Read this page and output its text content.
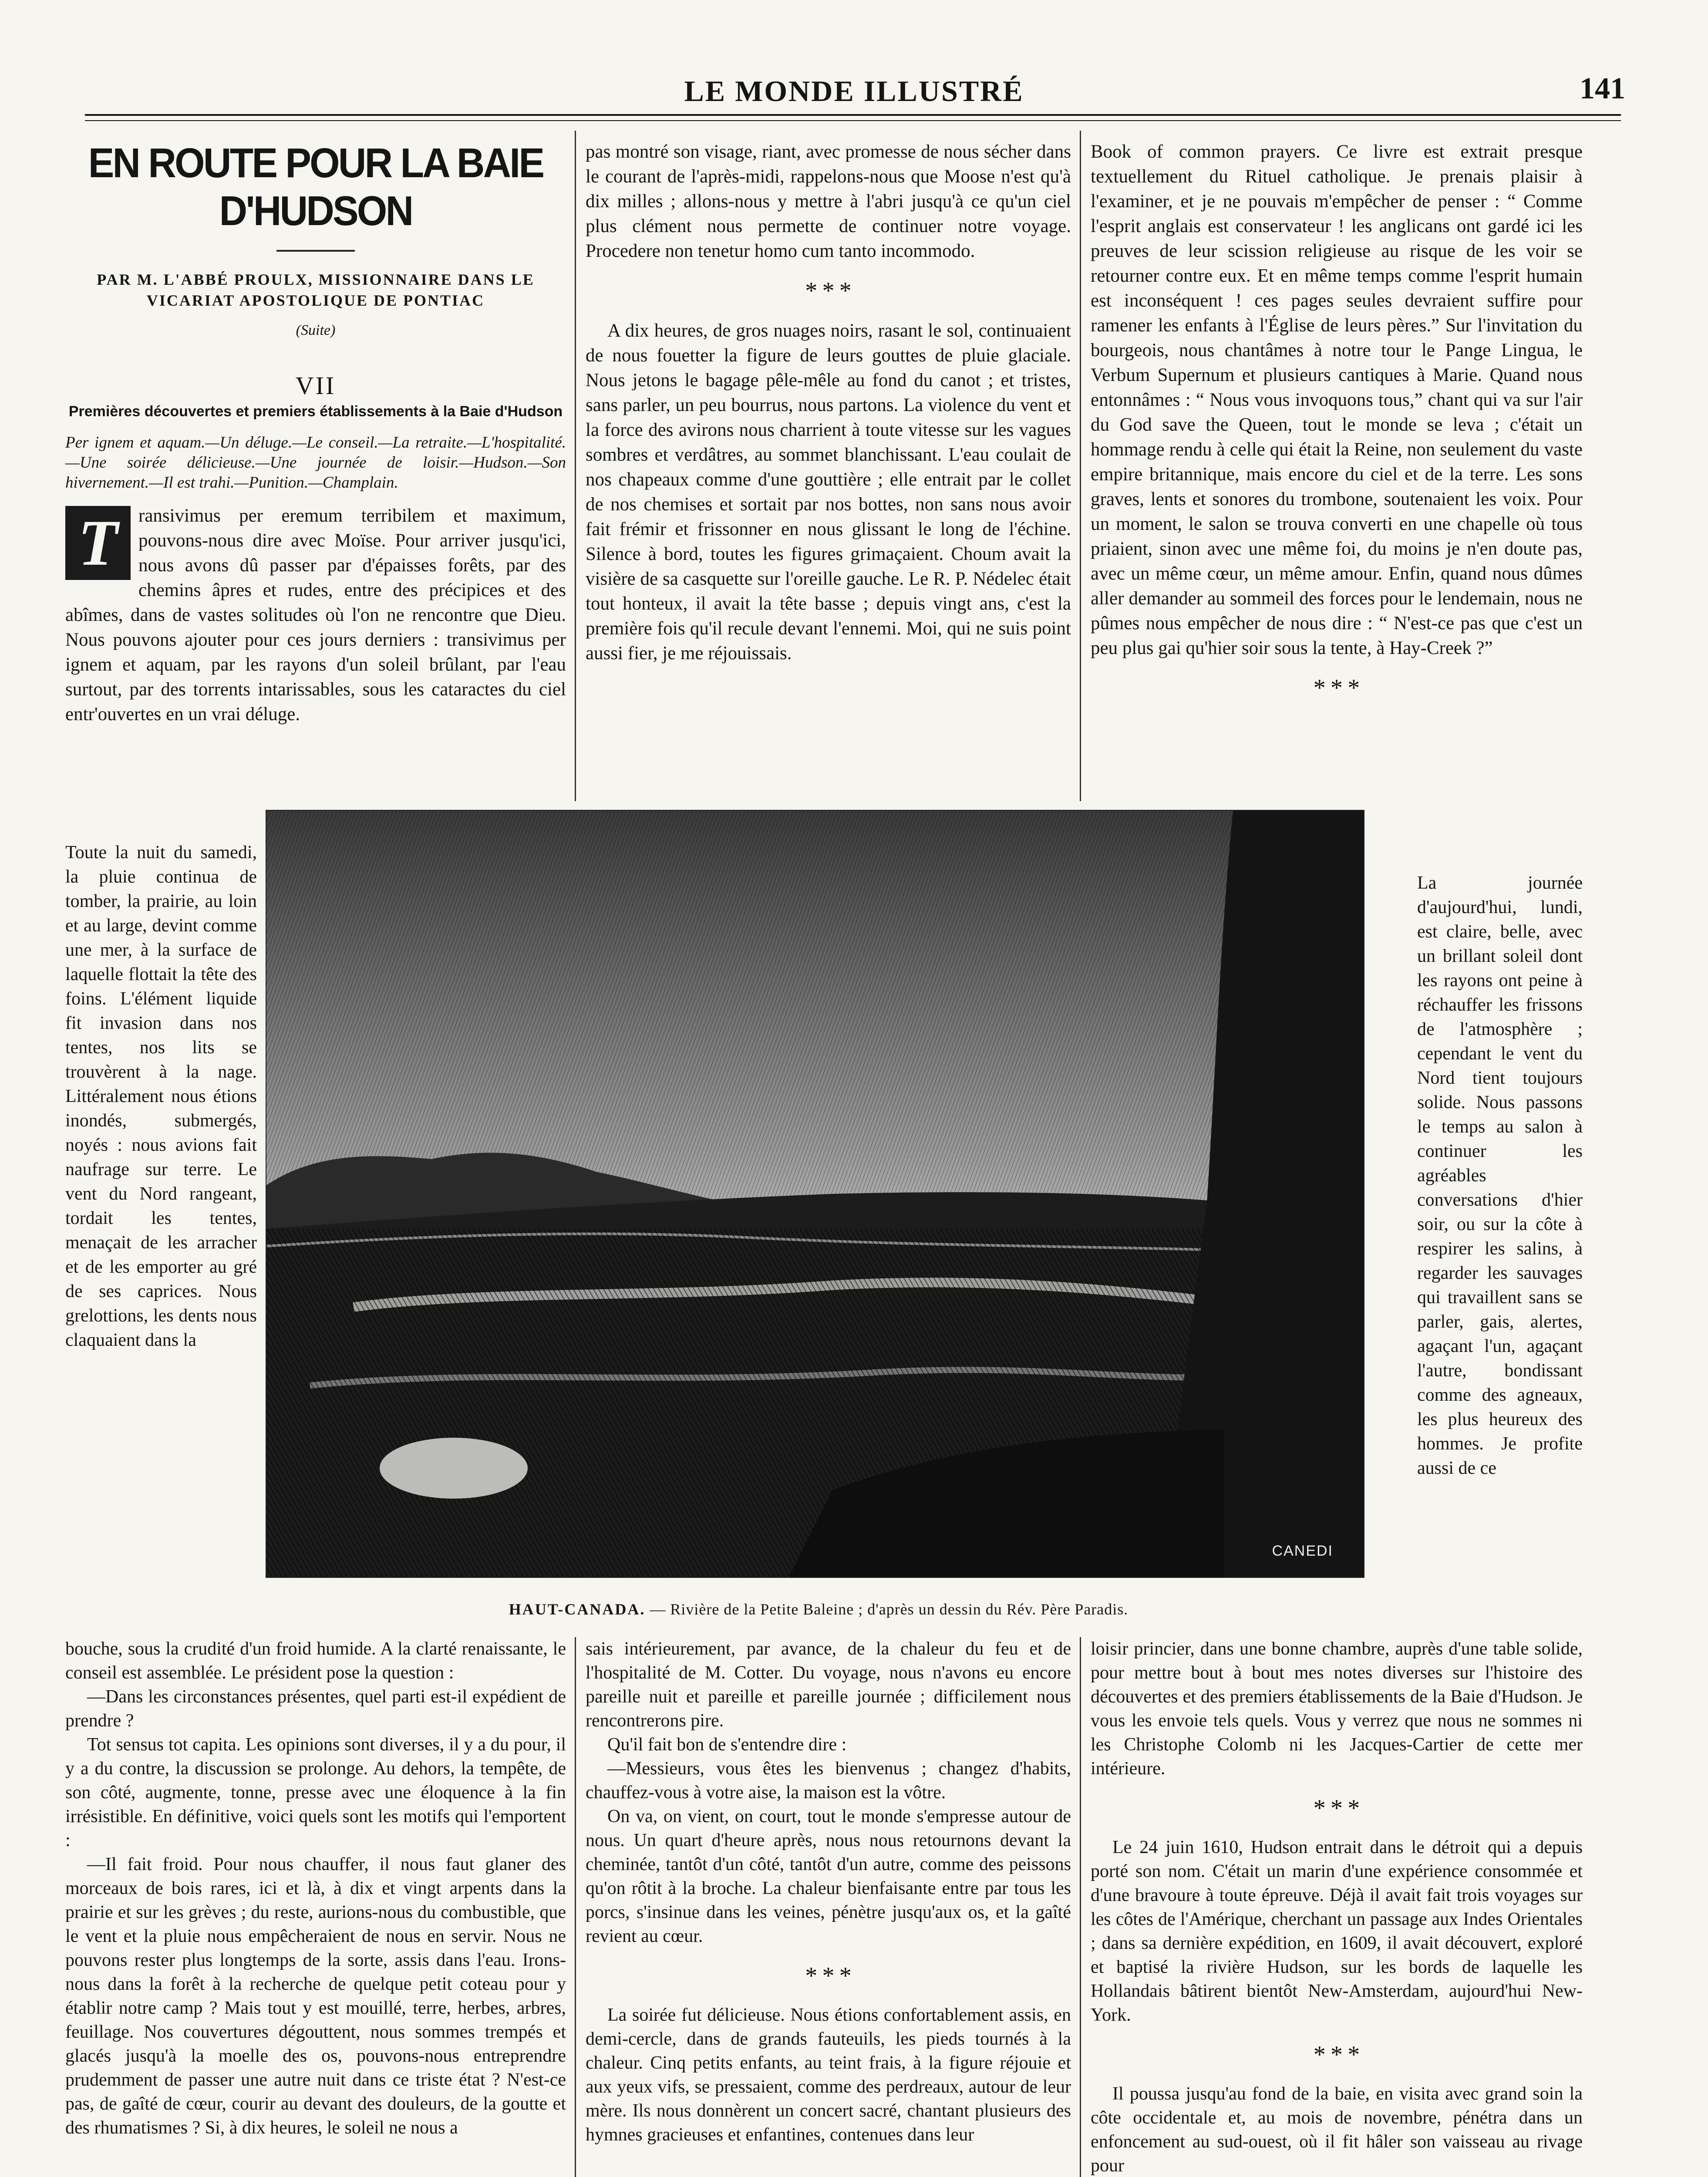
LE MONDE ILLUSTRÉ	141
EN ROUTE POUR LA BAIE D'HUDSON
PAR M. L'ABBÉ PROULX, MISSIONNAIRE DANS LE VICARIAT APOSTOLIQUE DE PONTIAC
(Suite)
VII
Premières découvertes et premiers établissements à la Baie d'Hudson
Per ignem et aquam.—Un déluge.—Le conseil.—La retraite.—L'hospitalité.—Une soirée délicieuse.—Une journée de loisir.—Hudson.—Son hivernement.—Il est trahi.—Punition.—Champlain.
T	ransivimus per eremum terribilem et maximum, pouvons-nous dire avec Moïse. Pour arriver jusqu'ici, nous avons dû passer par d'épaisses forêts, par des chemins âpres et rudes, entre des précipices et des abîmes, dans de vastes solitudes où l'on ne rencontre que Dieu. Nous pouvons ajouter pour ces jours derniers : transivimus per ignem et aquam, par les rayons d'un soleil brûlant, par l'eau surtout, par des torrents intarissables, sous les cataractes du ciel entr'ouvertes en un vrai déluge.
Toute la nuit du samedi, la pluie continua de tomber, la prairie, au loin et au large, devint comme une mer, à la surface de laquelle flottait la tête des foins. L'élément liquide fit invasion dans nos tentes, nos lits se trouvèrent à la nage. Littéralement nous étions inondés, submergés, noyés : nous avions fait naufrage sur terre. Le vent du Nord rangeant, tordait les tentes, menaçait de les arracher et de les emporter au gré de ses caprices. Nous grelottions, les dents nous claquaient dans la

pas montré son visage, riant, avec promesse de nous sécher dans le courant de l'après-midi, rappelons-nous que Moose n'est qu'à dix milles ; allons-nous y mettre à l'abri jusqu'à ce qu'un ciel plus clément nous permette de continuer notre voyage. Procedere non tenetur homo cum tanto incommodo.

* * *

A dix heures, de gros nuages noirs, rasant le sol, continuaient de nous fouetter la figure de leurs gouttes de pluie glaciale. Nous jetons le bagage pêle-mêle au fond du canot ; et tristes, sans parler, un peu bourrus, nous partons. La violence du vent et la force des avirons nous charrient à toute vitesse sur les vagues sombres et verdâtres, au sommet blanchissant. L'eau coulait de nos chapeaux comme d'une gouttière ; elle entrait par le collet de nos chemises et sortait par nos bottes, non sans nous avoir fait frémir et frissonner en nous glissant le long de l'échine. Silence à bord, toutes les figures grimaçaient. Choum avait la visière de sa casquette sur l'oreille gauche. Le R. P. Nédelec était tout honteux, il avait la tête basse ; depuis vingt ans, c'est la première fois qu'il recule devant l'ennemi. Moi, qui ne suis point aussi fier, je me réjouissais.

Book of common prayers. Ce livre est extrait presque textuellement du Rituel catholique. Je prenais plaisir à l'examiner, et je ne pouvais m'empêcher de penser : “ Comme l'esprit anglais est conservateur ! les anglicans ont gardé ici les preuves de leur scission religieuse au risque de les voir se retourner contre eux. Et en même temps comme l'esprit humain est inconséquent ! ces pages seules devraient suffire pour ramener les enfants à l'Église de leurs pères.” Sur l'invitation du bourgeois, nous chantâmes à notre tour le Pange Lingua, le Verbum Supernum et plusieurs cantiques à Marie. Quand nous entonnâmes : “ Nous vous invoquons tous,” chant qui va sur l'air du God save the Queen, tout le monde se leva ; c'était un hommage rendu à celle qui était la Reine, non seulement du vaste empire britannique, mais encore du ciel et de la terre. Les sons graves, lents et sonores du trombone, soutenaient les voix. Pour un moment, le salon se trouva converti en une chapelle où tous priaient, sinon avec une même foi, du moins je n'en doute pas, avec un même cœur, un même amour. Enfin, quand nous dûmes aller demander au sommeil des forces pour le lendemain, nous ne pûmes nous empêcher de nous dire : “ N'est-ce pas que c'est un peu plus gai qu'hier soir sous la tente, à Hay-Creek ?”

* * *
La journée d'aujourd'hui, lundi, est claire, belle, avec un brillant soleil dont les rayons ont peine à réchauffer les frissons de l'atmosphère ; cependant le vent du Nord tient toujours solide. Nous passons le temps au salon à continuer les agréables conversations d'hier soir, ou sur la côte à respirer les salins, à regarder les sauvages qui travaillent sans se parler, gais, alertes, agaçant l'un, agaçant l'autre, bondissant comme des agneaux, les plus heureux des hommes. Je profite aussi de ce
CANEDI
HAUT-CANADA. — Rivière de la Petite Baleine ; d'après un dessin du Rév. Père Paradis.

bouche, sous la crudité d'un froid humide. A la clarté renaissante, le conseil est assemblée. Le président pose la question :

—Dans les circonstances présentes, quel parti est-il expédient de prendre ?

Tot sensus tot capita. Les opinions sont diverses, il y a du pour, il y a du contre, la discussion se prolonge. Au dehors, la tempête, de son côté, augmente, tonne, presse avec une éloquence à la fin irrésistible. En définitive, voici quels sont les motifs qui l'emportent :

—Il fait froid. Pour nous chauffer, il nous faut glaner des morceaux de bois rares, ici et là, à dix et vingt arpents dans la prairie et sur les grèves ; du reste, aurions-nous du combustible, que le vent et la pluie nous empêcheraient de nous en servir. Nous ne pouvons rester plus longtemps de la sorte, assis dans l'eau. Irons-nous dans la forêt à la recherche de quelque petit coteau pour y établir notre camp ? Mais tout y est mouillé, terre, herbes, arbres, feuillage. Nos couvertures dégouttent, nous sommes trempés et glacés jusqu'à la moelle des os, pouvons-nous entreprendre prudemment de passer une autre nuit dans ce triste état ? N'est-ce pas, de gaîté de cœur, courir au devant des douleurs, de la goutte et des rhumatismes ? Si, à dix heures, le soleil ne nous a

sais intérieurement, par avance, de la chaleur du feu et de l'hospitalité de M. Cotter. Du voyage, nous n'avons eu encore pareille nuit et pareille et pareille journée ; difficilement nous rencontrerons pire.

Qu'il fait bon de s'entendre dire :

—Messieurs, vous êtes les bienvenus ; changez d'habits, chauffez-vous à votre aise, la maison est la vôtre.

On va, on vient, on court, tout le monde s'empresse autour de nous. Un quart d'heure après, nous nous retournons devant la cheminée, tantôt d'un côté, tantôt d'un autre, comme des peissons qu'on rôtit à la broche. La chaleur bienfaisante entre par tous les porcs, s'insinue dans les veines, pénètre jusqu'aux os, et la gaîté revient au cœur.

* * *

La soirée fut délicieuse. Nous étions confortablement assis, en demi-cercle, dans de grands fauteuils, les pieds tournés à la chaleur. Cinq petits enfants, au teint frais, à la figure réjouie et aux yeux vifs, se pressaient, comme des perdreaux, autour de leur mère. Ils nous donnèrent un concert sacré, chantant plusieurs des hymnes gracieuses et enfantines, contenues dans leur

loisir princier, dans une bonne chambre, auprès d'une table solide, pour mettre bout à bout mes notes diverses sur l'histoire des découvertes et des premiers établissements de la Baie d'Hudson. Je vous les envoie tels quels. Vous y verrez que nous ne sommes ni les Christophe Colomb ni les Jacques-Cartier de cette mer intérieure.

* * *

Le 24 juin 1610, Hudson entrait dans le détroit qui a depuis porté son nom. C'était un marin d'une expérience consommée et d'une bravoure à toute épreuve. Déjà il avait fait trois voyages sur les côtes de l'Amérique, cherchant un passage aux Indes Orientales ; dans sa dernière expédition, en 1609, il avait découvert, exploré et baptisé la rivière Hudson, sur les bords de laquelle les Hollandais bâtirent bientôt New-Amsterdam, aujourd'hui New-York.

* * *

Il poussa jusqu'au fond de la baie, en visita avec grand soin la côte occidentale et, au mois de novembre, pénétra dans un enfoncement au sud-ouest, où il fit hâler son vaisseau au rivage pour
